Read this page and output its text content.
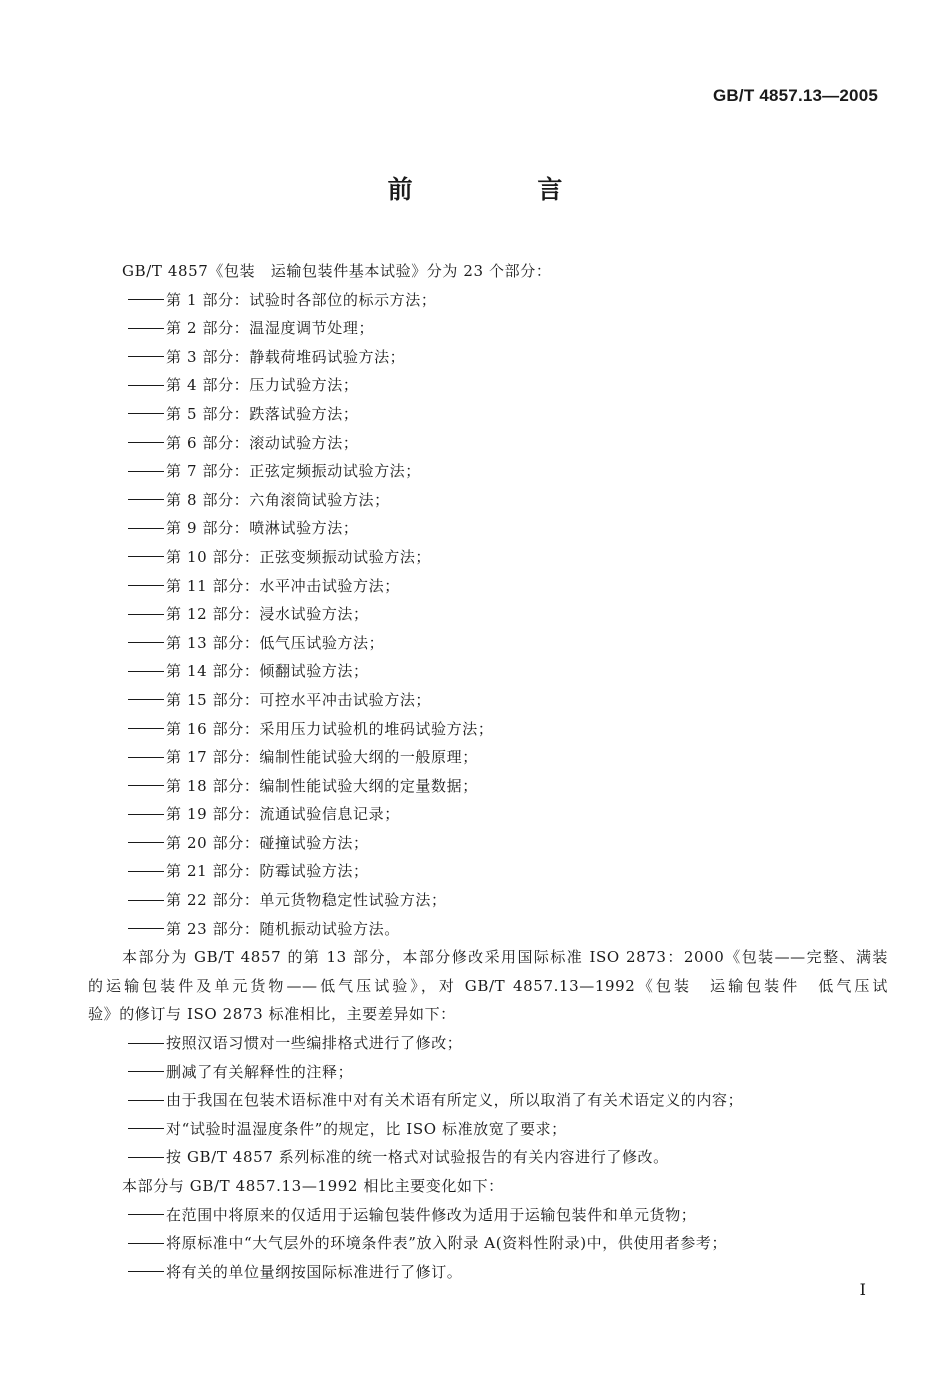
GB/T 4857.13—2005
前 言
GB/T 4857《包装　运输包装件基本试验》分为 23 个部分：
第 1 部分：试验时各部位的标示方法；
第 2 部分：温湿度调节处理；
第 3 部分：静载荷堆码试验方法；
第 4 部分：压力试验方法；
第 5 部分：跌落试验方法；
第 6 部分：滚动试验方法；
第 7 部分：正弦定频振动试验方法；
第 8 部分：六角滚筒试验方法；
第 9 部分：喷淋试验方法；
第 10 部分：正弦变频振动试验方法；
第 11 部分：水平冲击试验方法；
第 12 部分：浸水试验方法；
第 13 部分：低气压试验方法；
第 14 部分：倾翻试验方法；
第 15 部分：可控水平冲击试验方法；
第 16 部分：采用压力试验机的堆码试验方法；
第 17 部分：编制性能试验大纲的一般原理；
第 18 部分：编制性能试验大纲的定量数据；
第 19 部分：流通试验信息记录；
第 20 部分：碰撞试验方法；
第 21 部分：防霉试验方法；
第 22 部分：单元货物稳定性试验方法；
第 23 部分：随机振动试验方法。
本部分为 GB/T 4857 的第 13 部分，本部分修改采用国际标准 ISO 2873：2000《包装——完整、满装
的运输包装件及单元货物——低气压试验》，对 GB/T 4857.13—1992《包装　运输包装件　低气压试
验》的修订与 ISO 2873 标准相比，主要差异如下：
按照汉语习惯对一些编排格式进行了修改；
删减了有关解释性的注释；
由于我国在包装术语标准中对有关术语有所定义，所以取消了有关术语定义的内容；
对“试验时温湿度条件”的规定，比 ISO 标准放宽了要求；
按 GB/T 4857 系列标准的统一格式对试验报告的有关内容进行了修改。
本部分与 GB/T 4857.13—1992 相比主要变化如下：
在范围中将原来的仅适用于运输包装件修改为适用于运输包装件和单元货物；
将原标准中“大气层外的环境条件表”放入附录 A(资料性附录)中，供使用者参考；
将有关的单位量纲按国际标准进行了修订。
I
